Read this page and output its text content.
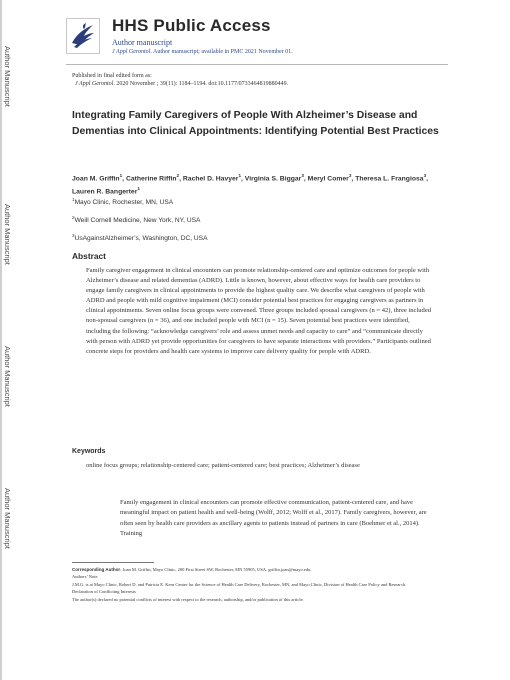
Author Manuscript
Author Manuscript
Author Manuscript
Author Manuscript
HHS Public Access
Author manuscript
J Appl Gerontol. Author manuscript; available in PMC 2021 November 01.
Published in final edited form as:
J Appl Gerontol. 2020 November ; 39(11): 1184–1194. doi:10.1177/0733464819880449.
Integrating Family Caregivers of People With Alzheimer’s Disease and Dementias into Clinical Appointments: Identifying Potential Best Practices
Joan M. Griffin$^1$, Catherine Riffin$^2$, Rachel D. Havyer$^1$, Virginia S. Biggar$^3$, Meryl Comer$^3$, Theresa L. Frangiosa$^3$, Lauren R. Bangerter$^1$
$^1$Mayo Clinic, Rochester, MN, USA
$^2$Weill Cornell Medicine, New York, NY, USA
$^3$UsAgainstAlzheimer’s, Washington, DC, USA
Abstract
Family caregiver engagement in clinical encounters can promote relationship-centered care and optimize outcomes for people with Alzheimer’s disease and related dementias (ADRD). Little is known, however, about effective ways for health care providers to engage family caregivers in clinical appointments to provide the highest quality care. We describe what caregivers of people with ADRD and people with mild cognitive impairment (MCI) consider potential best practices for engaging caregivers as partners in clinical appointments. Seven online focus groups were convened. Three groups included spousal caregivers (n = 42), three included non-spousal caregivers (n = 36), and one included people with MCI (n = 15). Seven potential best practices were identified, including the following: “acknowledge caregivers’ role and assess unmet needs and capacity to care” and “communicate directly with person with ADRD yet provide opportunities for caregivers to have separate interactions with providers.” Participants outlined concrete steps for providers and health care systems to improve care delivery quality for people with ADRD.
Keywords
online focus groups; relationship-centered care; patient-centered care; best practices; Alzheimer’s disease
Family engagement in clinical encounters can promote effective communication, patient-centered care, and have meaningful impact on patient health and well-being (Wolff, 2012; Wolff et al., 2017). Family caregivers, however, are often seen by health care providers as ancillary agents to patients instead of partners in care (Boehmer et al., 2014). Training
Corresponding Author: Joan M. Griffin, Mayo Clinic, 200 First Street SW, Rochester, MN 55905, USA. griffin.joan@mayo.edu.
Authors’ Note
J.M.G. is at Mayo Clinic, Robert D. and Patricia E. Kern Center for the Science of Health Care Delivery, Rochester, MN, and Mayo Clinic, Division of Health Care Policy and Research.
Declaration of Conflicting Interests
The author(s) declared no potential conflicts of interest with respect to the research, authorship, and/or publication of this article.
